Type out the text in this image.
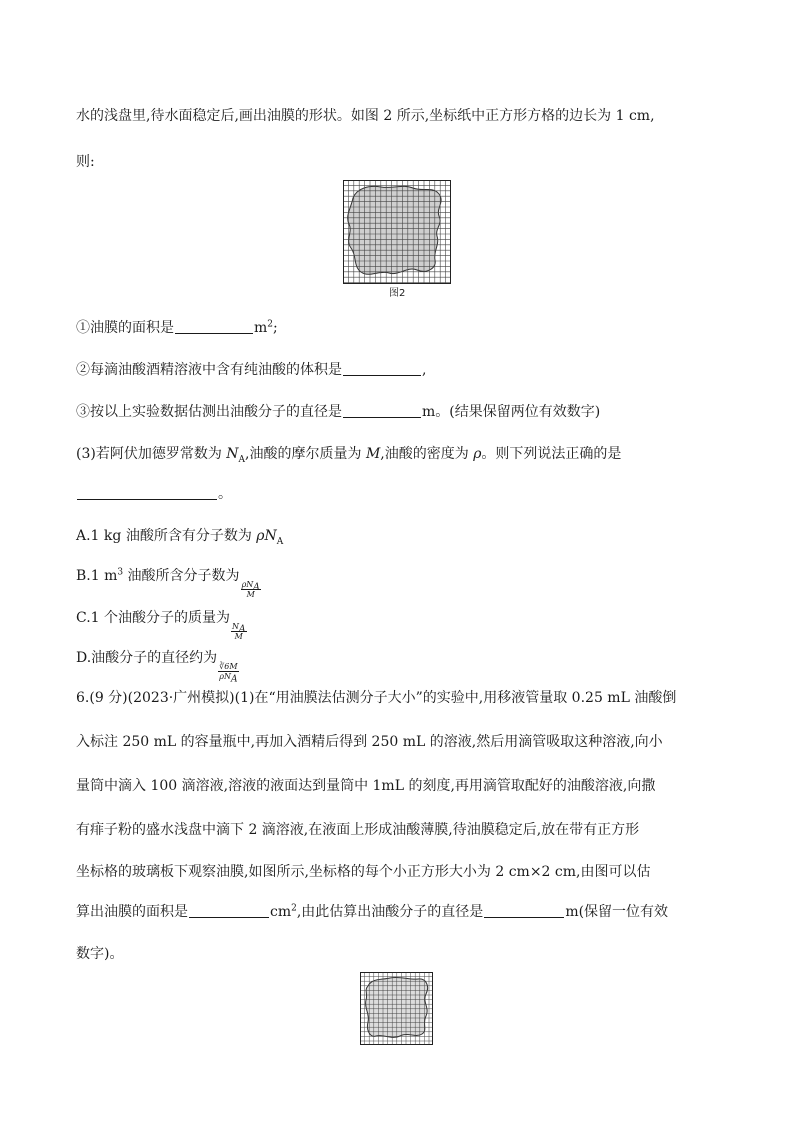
水的浅盘里,待水面稳定后,画出油膜的形状。如图 2 所示,坐标纸中正方形方格的边长为 1 cm,
则:
图2
①油膜的面积是	$m^2$;
②每滴油酸酒精溶液中含有纯油酸的体积是	,
③按以上实验数据估测出油酸分子的直径是	m。(结果保留两位有效数字)
(3)若阿伏加德罗常数为 $N_A$,油酸的摩尔质量为 M,油酸的密度为 ρ。则下列说法正确的是
。
A.1 kg 油酸所含有分子数为 $\rho N_A$
B.1 $m^3$ 油酸所含分子数为
$\frac{\rho N_A}{M}$
C.1 个油酸分子的质量为
$\frac{N_A}{M}$
D.油酸分子的直径约为
$\frac{∛6M}{\rho N_A}$
6.(9 分)(2023·广州模拟)(1)在“用油膜法估测分子大小”的实验中,用移液管量取 0.25 mL 油酸倒
入标注 250 mL 的容量瓶中,再加入酒精后得到 250 mL 的溶液,然后用滴管吸取这种溶液,向小
量筒中滴入 100 滴溶液,溶液的液面达到量筒中 1mL 的刻度,再用滴管取配好的油酸溶液,向撒
有痱子粉的盛水浅盘中滴下 2 滴溶液,在液面上形成油酸薄膜,待油膜稳定后,放在带有正方形
坐标格的玻璃板下观察油膜,如图所示,坐标格的每个小正方形大小为 2 cm×2 cm,由图可以估
算出油膜的面积是	$cm^2$,由此估算出油酸分子的直径是	m(保留一位有效
数字)。
